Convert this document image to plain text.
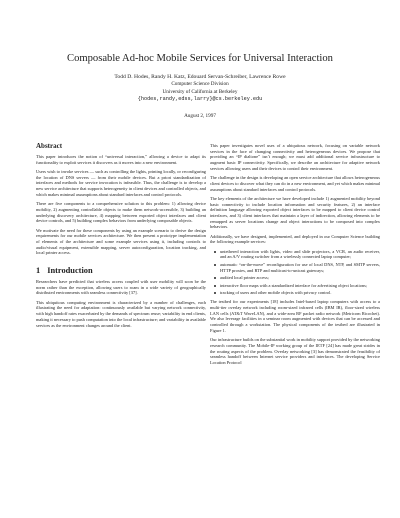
Composable Ad-hoc Mobile Services for Universal Interaction
Todd D. Hodes, Randy H. Katz, Edouard Servan-Schreiber, Lawrence Rowe
Computer Science Division
University of California at Berkeley
{hodes,randy,edss,larry}@cs.berkeley.edu
August 2, 1997
Abstract

This paper introduces the notion of “universal interaction,” allowing a device to adapt its functionality to exploit services it discovers as it moves into a new environment.

Users wish to invoke services — such as controlling the lights, printing locally, or reconfiguring the location of DNS servers — from their mobile devices. But a priori standardization of interfaces and methods for service invocation is infeasible. Thus, the challenge is to develop a new service architecture that supports heterogeneity in client devices and controlled objects, and which makes minimal assumptions about standard interfaces and control protocols.

There are five components to a comprehensive solution to this problem: 1) allowing device mobility, 2) augmenting controllable objects to make them network-accessible, 3) building an underlying discovery architecture, 4) mapping between exported object interfaces and client device controls, and 5) building complex behaviors from underlying composable objects.

We motivate the need for these components by using an example scenario to derive the design requirements for our mobile services architecture. We then present a prototype implementation of elements of the architecture and some example services using it, including controls to audio/visual equipment, extensible mapping, server autoconfiguration, location tracking, and local printer access.

1 Introduction

Researchers have predicted that wireless access coupled with user mobility will soon be the norm rather than the exception, allowing users to roam in a wide variety of geographically distributed environments with seamless connectivity [37].

This ubiquitous computing environment is characterized by a number of challenges, each illustrating the need for adaptation: continuously available but varying network connectivity, with high handoff rates exacerbated by the demands of spectrum reuse; variability in end clients, making it necessary to push computation into the local infrastructure; and variability in available services as the environment changes around the client.

This paper investigates novel uses of a ubiquitous network, focusing on variable network services in the face of changing connectivity and heterogeneous devices. We propose that providing an “IP dialtone” isn’t enough; we must add additional service infrastructure to augment basic IP connectivity. Specifically, we describe an architecture for adaptive network services allowing users and their devices to control their environment.

The challenge in the design is developing an open service architecture that allows heterogeneous client devices to discover what they can do in a new environment, and yet which makes minimal assumptions about standard interfaces and control protocols.

The key elements of the architecture we have developed include 1) augmented mobility beyond basic connectivity to include location information and security features, 2) an interface definition language allowing exported object interfaces to be mapped to client device control interfaces, and 3) client interfaces that maintain a layer of indirection, allowing elements to be remapped as server locations change and object interactions to be composed into complex behaviors.

Additionally, we have designed, implemented, and deployed in our Computer Science building the following example services:

untethered interaction with lights, video and slide projectors, a VCR, an audio receiver, and an A/V routing switcher from a wirelessly connected laptop computer;
automatic “on-the-move” reconfiguration for use of local DNS, NTP, and SMTP servers, HTTP proxies, and RTP and multicast-to-unicast gateways;
audited local printer access;
interactive floor maps with a standardized interface for advertising object locations;
tracking of users and other mobile objects with privacy control.

The testbed for our experiments [18] includes Intel-based laptop computers with access to a multi-tier overlay network including room-sized infrared cells (IBM IR), floor-sized wireless LAN cells (AT&T WaveLAN), and a wide-area RF packet radio network (Metricom Ricochet). We also leverage facilities in a seminar room augmented with devices that can be accessed and controlled through a workstation. The physical components of the testbed are illustrated in Figure 1.

Our infrastructure builds on the substantial work in mobility support provided by the networking research community. The Mobile-IP working group of the IETF [24] has made great strides in the routing aspects of the problem. Overlay networking [3] has demonstrated the feasibility of seamless handoff between Internet service providers and interfaces. The developing Service Location Protocol
